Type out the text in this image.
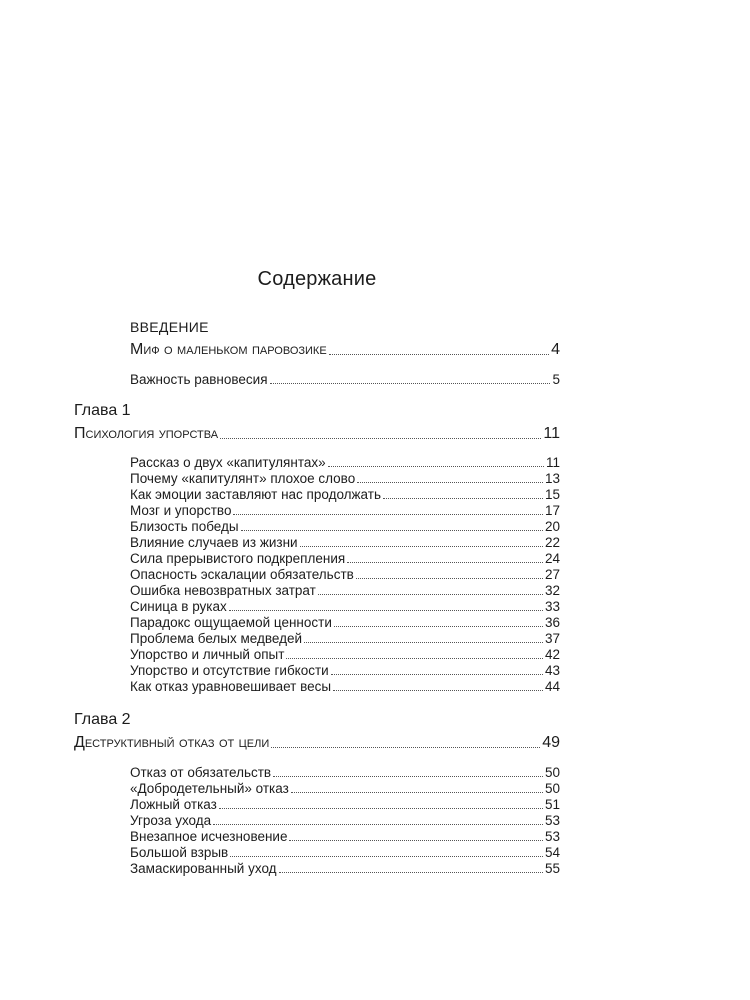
Содержание
ВВЕДЕНИЕ
Миф о маленьком паровозике	4
Важность равновесия	5
Глава 1
Психология упорства	11
Рассказ о двух «капитулянтах»	11
Почему «капитулянт» плохое слово	13
Как эмоции заставляют нас продолжать	15
Мозг и упорство	17
Близость победы	20
Влияние случаев из жизни	22
Сила прерывистого подкрепления	24
Опасность эскалации обязательств	27
Ошибка невозвратных затрат	32
Синица в руках	33
Парадокс ощущаемой ценности	36
Проблема белых медведей	37
Упорство и личный опыт	42
Упорство и отсутствие гибкости	43
Как отказ уравновешивает весы	44
Глава 2
Деструктивный отказ от цели	49
Отказ от обязательств	50
«Добродетельный» отказ	50
Ложный отказ	51
Угроза ухода	53
Внезапное исчезновение	53
Большой взрыв	54
Замаскированный уход	55
